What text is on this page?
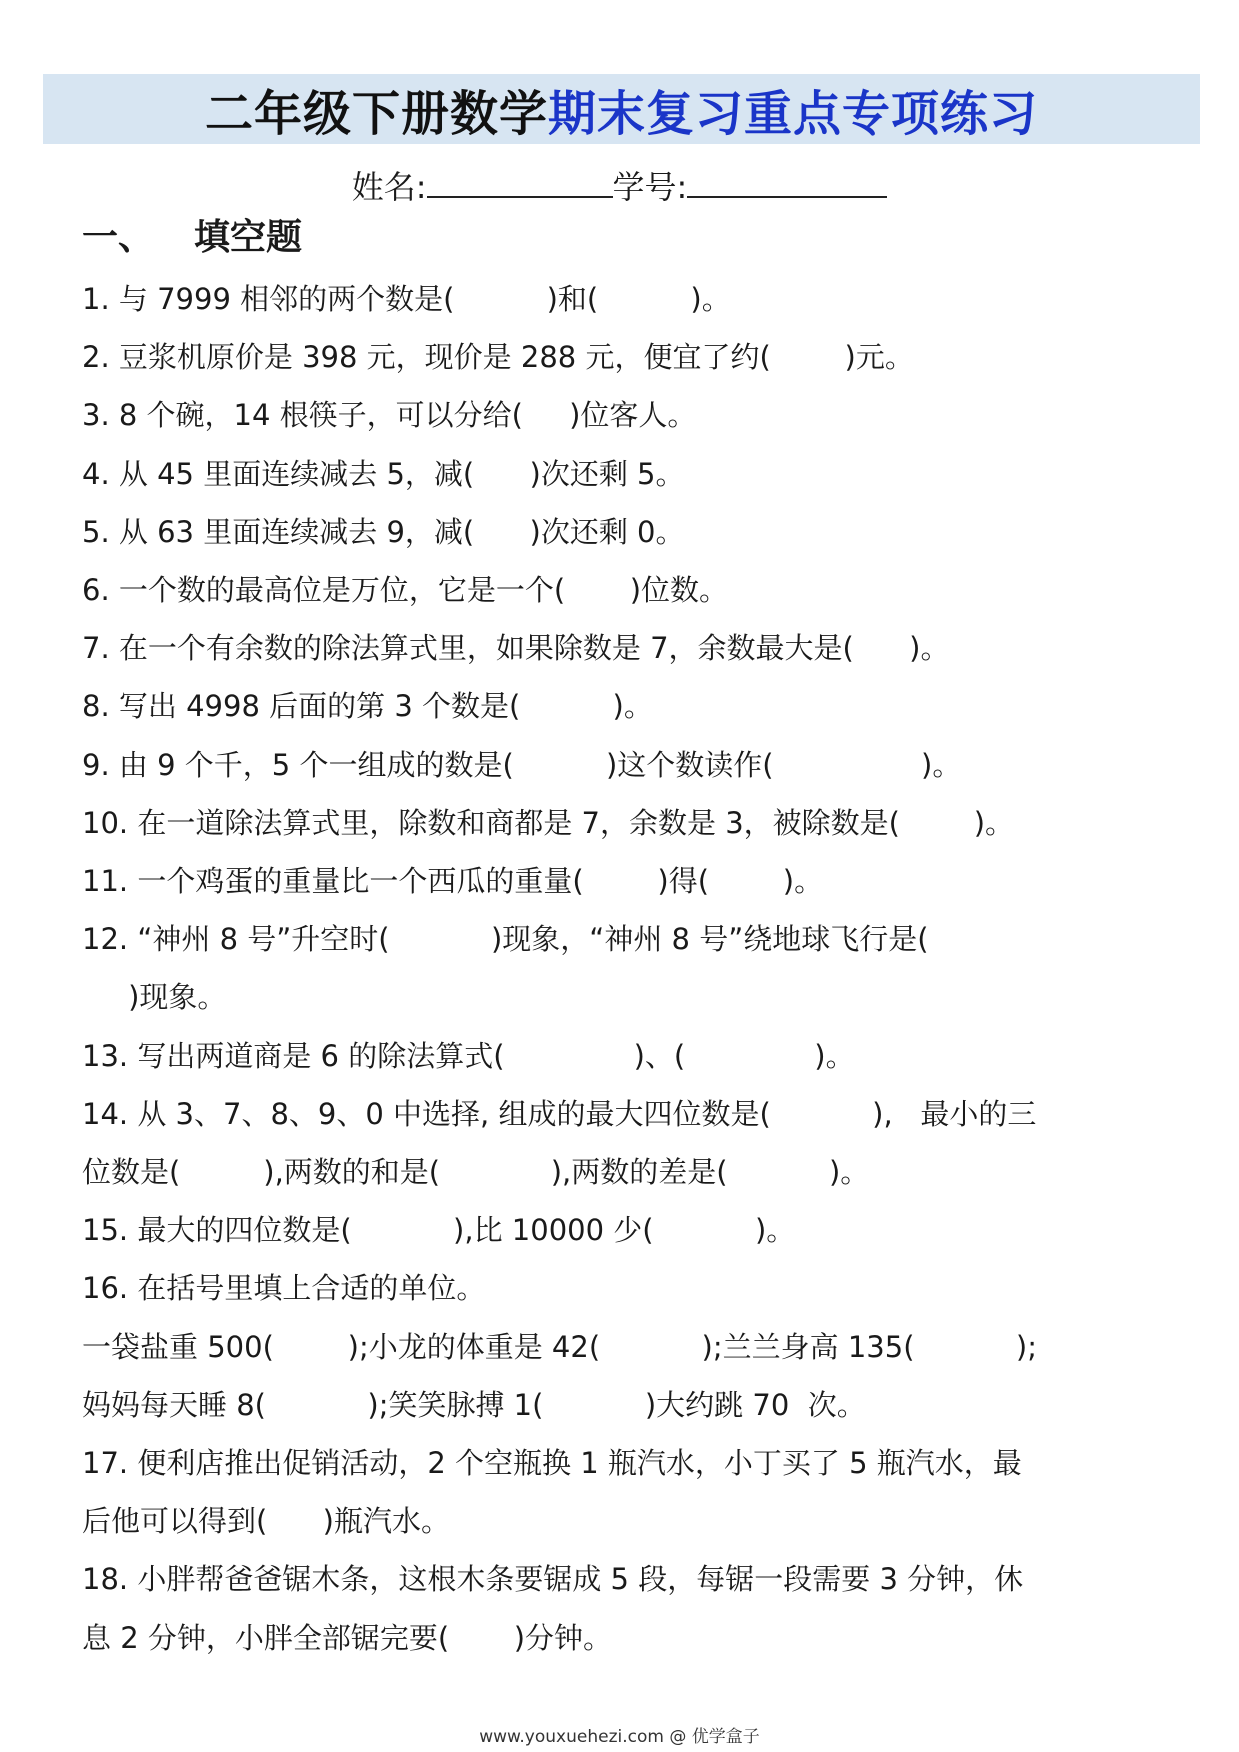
二年级下册数学 期末复习重点专项练习
姓名:	学号:
一、 填空题

1. 与 7999 相邻的两个数是(          )和(          )。

2. 豆浆机原价是 398 元，现价是 288 元，便宜了约(        )元。

3. 8 个碗，14 根筷子，可以分给(     )位客人。

4. 从 45 里面连续减去 5，减(      )次还剩 5。

5. 从 63 里面连续减去 9，减(      )次还剩 0。

6. 一个数的最高位是万位，它是一个(       )位数。

7. 在一个有余数的除法算式里，如果除数是 7，余数最大是(      )。

8. 写出 4998 后面的第 3 个数是(          )。

9. 由 9 个千，5 个一组成的数是(          )这个数读作(                )。

10. 在一道除法算式里，除数和商都是 7，余数是 3，被除数是(        )。

11. 一个鸡蛋的重量比一个西瓜的重量(        )得(        )。

12. “神州 8 号”升空时(           )现象，“神州 8 号”绕地球飞行是(

)现象。

13. 写出两道商是 6 的除法算式(              )、(              )。

14. 从 3、7、8、9、0 中选择, 组成的最大四位数是(           ),   最小的三

位数是(         ),两数的和是(            ),两数的差是(           )。

15. 最大的四位数是(           ),比 10000 少(           )。

16. 在括号里填上合适的单位。

一袋盐重 500(        );小龙的体重是 42(           );兰兰身高 135(           );

妈妈每天睡 8(           );笑笑脉搏 1(           )大约跳 70  次。

17. 便利店推出促销活动，2 个空瓶换 1 瓶汽水，小丁买了 5 瓶汽水，最

后他可以得到(      )瓶汽水。

18. 小胖帮爸爸锯木条，这根木条要锯成 5 段，每锯一段需要 3 分钟，休

息 2 分钟，小胖全部锯完要(       )分钟。

www.youxuehezi.com @ 优学盒子
